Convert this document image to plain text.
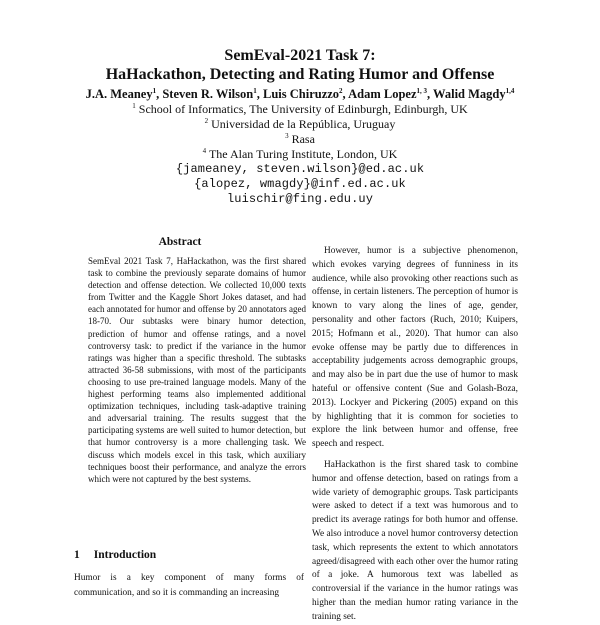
SemEval-2021 Task 7:
HaHackathon, Detecting and Rating Humor and Offense
J.A. Meaney$^1$, Steven R. Wilson$^1$, Luis Chiruzzo$^2$, Adam Lopez$^{1, 3}$, Walid Magdy$^{1,4}$
$^1$ School of Informatics, The University of Edinburgh, Edinburgh, UK
$^2$ Universidad de la República, Uruguay
$^3$ Rasa
$^4$ The Alan Turing Institute, London, UK
{jameaney, steven.wilson}@ed.ac.uk
{alopez, wmagdy}@inf.ed.ac.uk
luischir@fing.edu.uy
Abstract
SemEval 2021 Task 7, HaHackathon, was the first shared task to combine the previously separate domains of humor detection and offense detection. We collected 10,000 texts from Twitter and the Kaggle Short Jokes dataset, and had each annotated for humor and offense by 20 annotators aged 18-70. Our subtasks were binary humor detection, prediction of humor and offense ratings, and a novel controversy task: to predict if the variance in the humor ratings was higher than a specific threshold. The subtasks attracted 36-58 submissions, with most of the participants choosing to use pre-trained language models. Many of the highest performing teams also implemented additional optimization techniques, including task-adaptive training and adversarial training. The results suggest that the participating systems are well suited to humor detection, but that humor controversy is a more challenging task. We discuss which models excel in this task, which auxiliary techniques boost their performance, and analyze the errors which were not captured by the best systems.
1 Introduction
Humor is a key component of many forms of communication, and so it is commanding an increasing

However, humor is a subjective phenomenon, which evokes varying degrees of funniness in its audience, while also provoking other reactions such as offense, in certain listeners. The perception of humor is known to vary along the lines of age, gender, personality and other factors (Ruch, 2010; Kuipers, 2015; Hofmann et al., 2020). That humor can also evoke offense may be partly due to differences in acceptability judgements across demographic groups, and may also be in part due the use of humor to mask hateful or offensive content (Sue and Golash-Boza, 2013). Lockyer and Pickering (2005) expand on this by highlighting that it is common for societies to explore the link between humor and offense, free speech and respect.

HaHackathon is the first shared task to combine humor and offense detection, based on ratings from a wide variety of demographic groups. Task participants were asked to detect if a text was humorous and to predict its average ratings for both humor and offense. We also introduce a novel humor controversy detection task, which represents the extent to which annotators agreed/disagreed with each other over the humor rating of a joke. A humorous text was labelled as controversial if the variance in the humor ratings was higher than the median humor rating variance in the training set.
